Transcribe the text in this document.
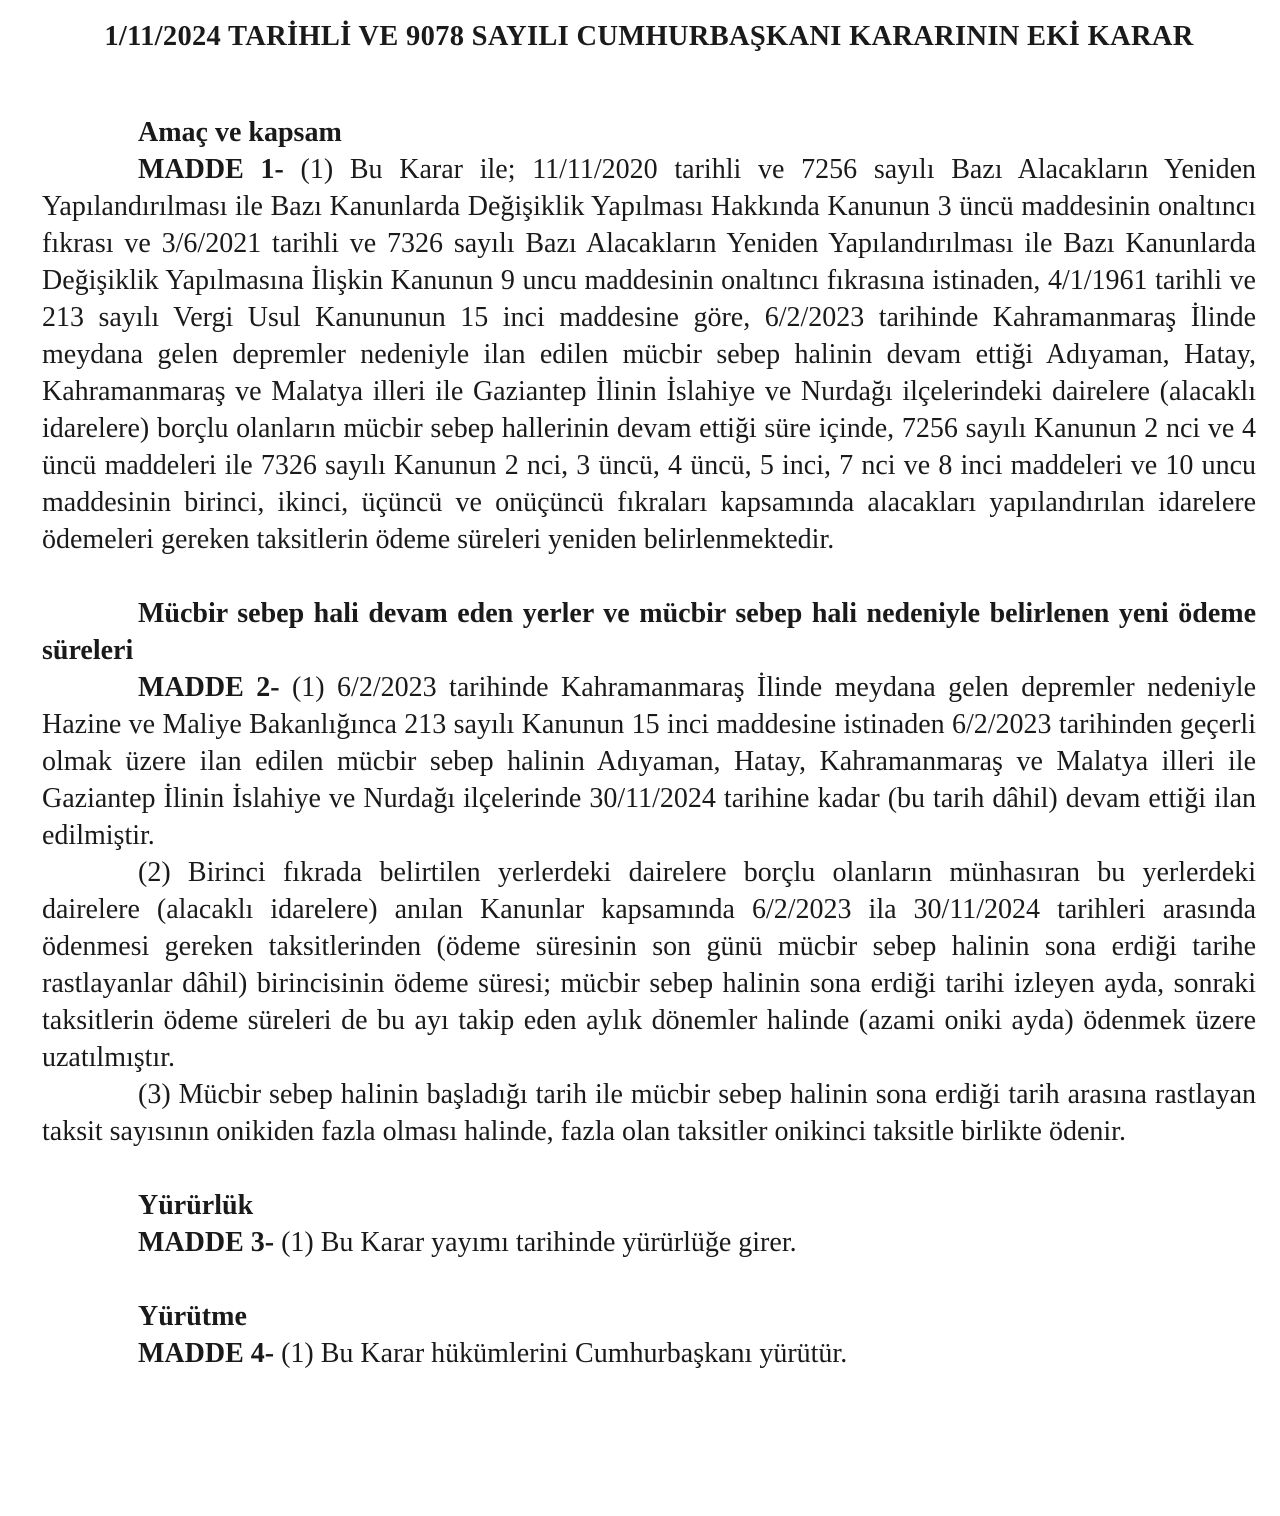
1/11/2024 TARİHLİ VE 9078 SAYILI CUMHURBAŞKANI KARARININ EKİ KARAR
Amaç ve kapsam

MADDE 1- (1) Bu Karar ile; 11/11/2020 tarihli ve 7256 sayılı Bazı Alacakların Yeniden Yapılandırılması ile Bazı Kanunlarda Değişiklik Yapılması Hakkında Kanunun 3 üncü maddesinin onaltıncı fıkrası ve 3/6/2021 tarihli ve 7326 sayılı Bazı Alacakların Yeniden Yapılandırılması ile Bazı Kanunlarda Değişiklik Yapılmasına İlişkin Kanunun 9 uncu maddesinin onaltıncı fıkrasına istinaden, 4/1/1961 tarihli ve 213 sayılı Vergi Usul Kanununun 15 inci maddesine göre, 6/2/2023 tarihinde Kahramanmaraş İlinde meydana gelen depremler nedeniyle ilan edilen mücbir sebep halinin devam ettiği Adıyaman, Hatay, Kahramanmaraş ve Malatya illeri ile Gaziantep İlinin İslahiye ve Nurdağı ilçelerindeki dairelere (alacaklı idarelere) borçlu olanların mücbir sebep hallerinin devam ettiği süre içinde, 7256 sayılı Kanunun 2 nci ve 4 üncü maddeleri ile 7326 sayılı Kanunun 2 nci, 3 üncü, 4 üncü, 5 inci, 7 nci ve 8 inci maddeleri ve 10 uncu maddesinin birinci, ikinci, üçüncü ve onüçüncü fıkraları kapsamında alacakları yapılandırılan idarelere ödemeleri gereken taksitlerin ödeme süreleri yeniden belirlenmektedir.

Mücbir sebep hali devam eden yerler ve mücbir sebep hali nedeniyle belirlenen yeni ödeme süreleri

MADDE 2- (1) 6/2/2023 tarihinde Kahramanmaraş İlinde meydana gelen depremler nedeniyle Hazine ve Maliye Bakanlığınca 213 sayılı Kanunun 15 inci maddesine istinaden 6/2/2023 tarihinden geçerli olmak üzere ilan edilen mücbir sebep halinin Adıyaman, Hatay, Kahramanmaraş ve Malatya illeri ile Gaziantep İlinin İslahiye ve Nurdağı ilçelerinde 30/11/2024 tarihine kadar (bu tarih dâhil) devam ettiği ilan edilmiştir.

(2) Birinci fıkrada belirtilen yerlerdeki dairelere borçlu olanların münhasıran bu yerlerdeki dairelere (alacaklı idarelere) anılan Kanunlar kapsamında 6/2/2023 ila 30/11/2024 tarihleri arasında ödenmesi gereken taksitlerinden (ödeme süresinin son günü mücbir sebep halinin sona erdiği tarihe rastlayanlar dâhil) birincisinin ödeme süresi; mücbir sebep halinin sona erdiği tarihi izleyen ayda, sonraki taksitlerin ödeme süreleri de bu ayı takip eden aylık dönemler halinde (azami oniki ayda) ödenmek üzere uzatılmıştır.

(3) Mücbir sebep halinin başladığı tarih ile mücbir sebep halinin sona erdiği tarih arasına rastlayan taksit sayısının onikiden fazla olması halinde, fazla olan taksitler onikinci taksitle birlikte ödenir.

Yürürlük

MADDE 3- (1) Bu Karar yayımı tarihinde yürürlüğe girer.

Yürütme

MADDE 4- (1) Bu Karar hükümlerini Cumhurbaşkanı yürütür.
